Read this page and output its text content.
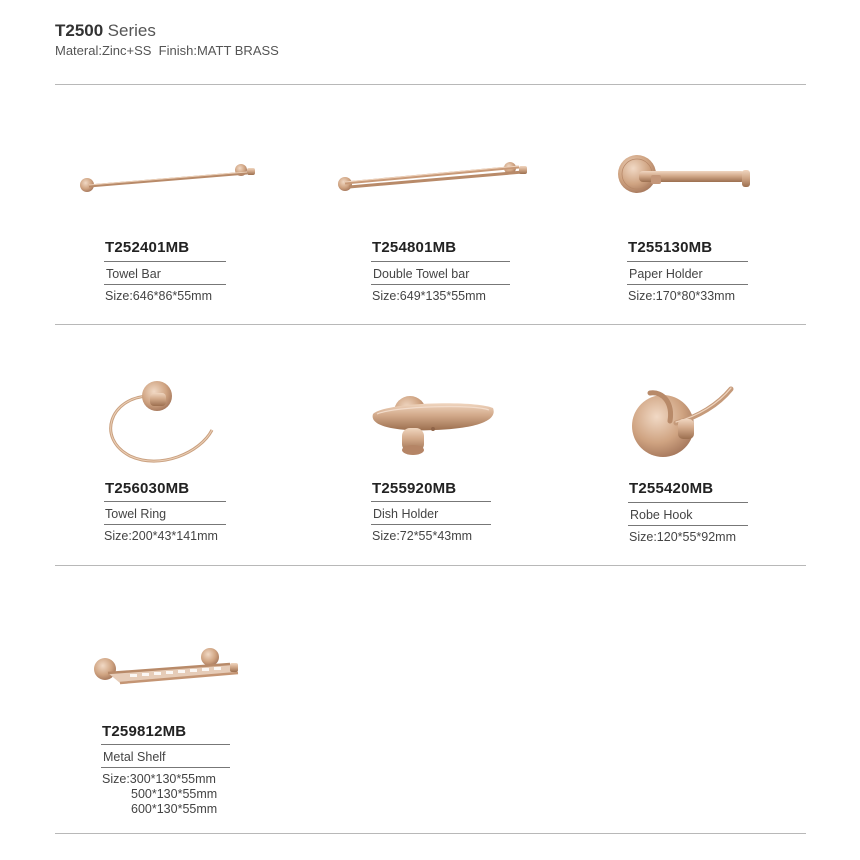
T2500 Series
Materal:Zinc+SS  Finish:MATT BRASS
T252401MB
Towel Bar
Size:646*86*55mm
T254801MB
Double Towel bar
Size:649*135*55mm
T255130MB
Paper Holder
Size:170*80*33mm
T256030MB
Towel Ring
Size:200*43*141mm
T255920MB
Dish Holder
Size:72*55*43mm
T255420MB
Robe Hook
Size:120*55*92mm
T259812MB
Metal Shelf
Size:300*130*55mm
500*130*55mm
600*130*55mm
